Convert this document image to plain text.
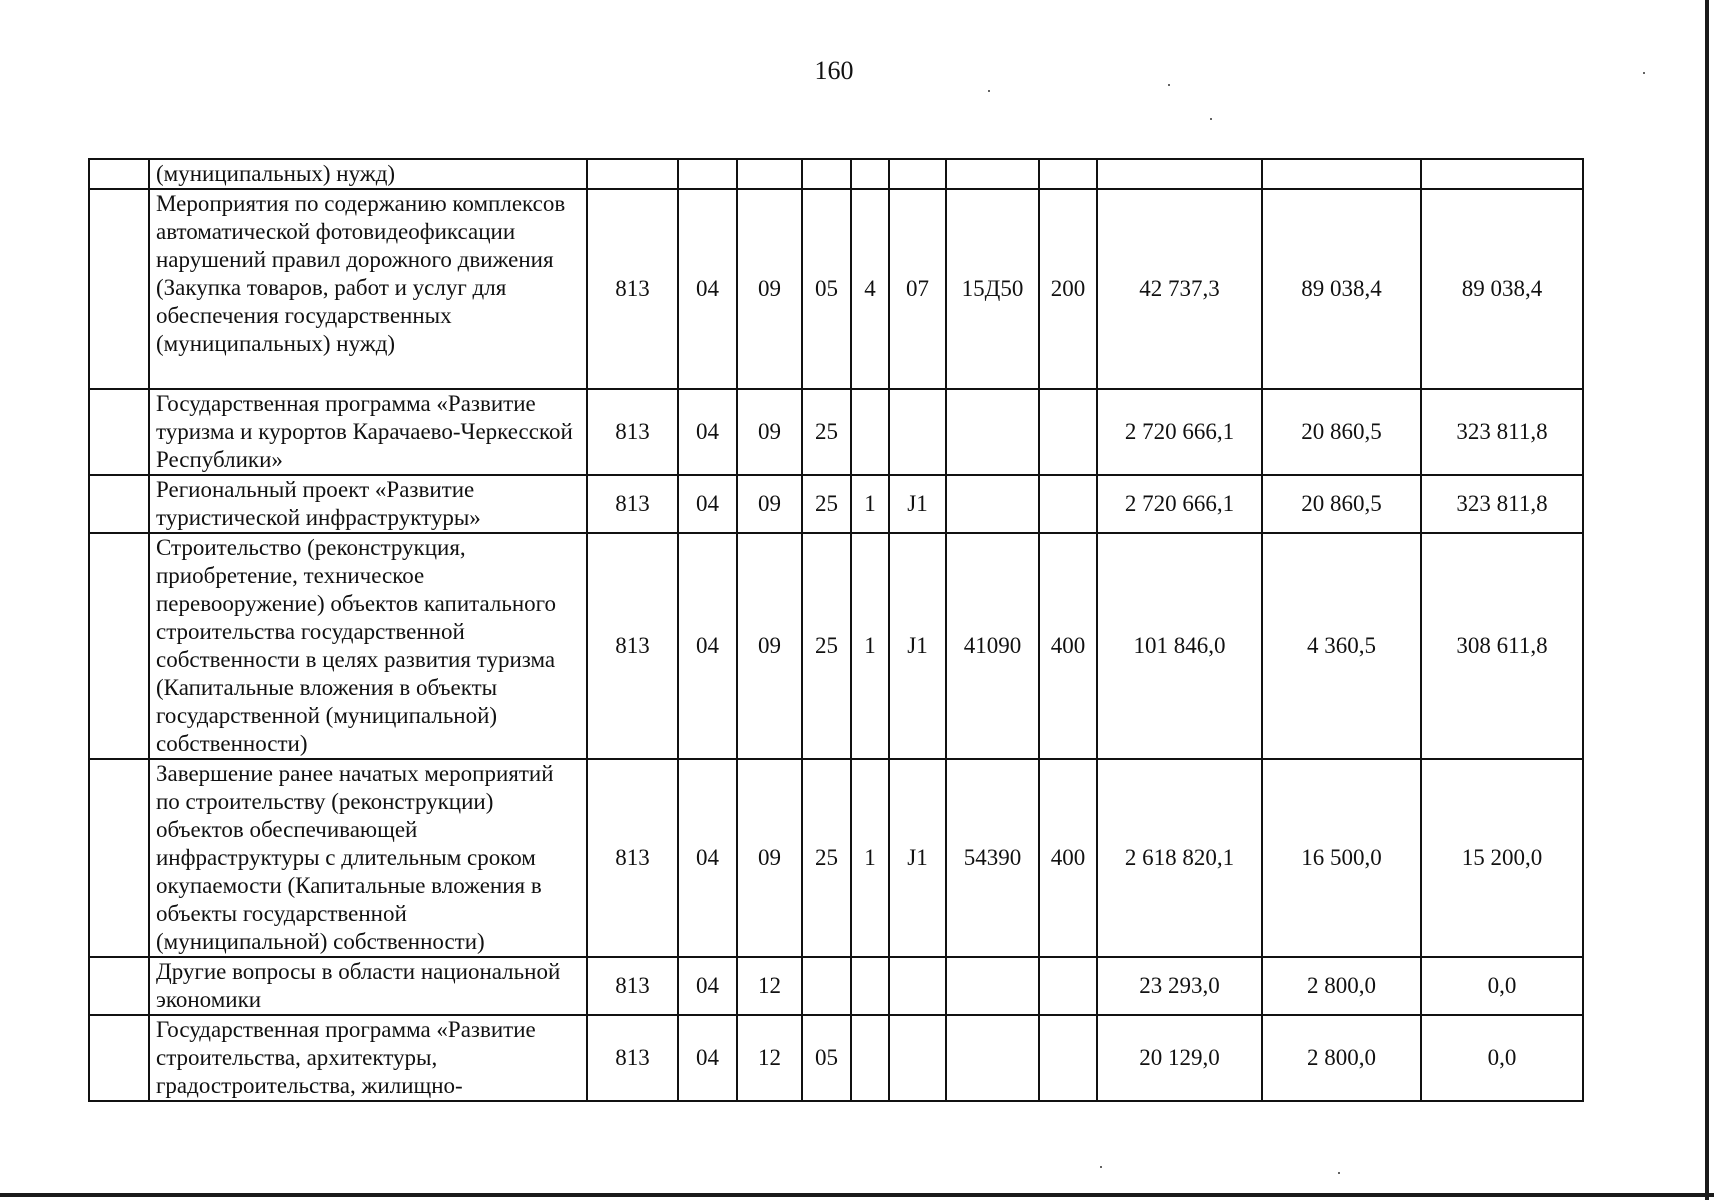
160
	(муниципальных) нужд)											
	Мероприятия по содержанию комплексов автоматической фотовидеофиксации нарушений правил дорожного движения (Закупка товаров, работ и услуг для обеспечения государственных (муниципальных) нужд)	813	04	09	05	4	07	15Д50	200	42 737,3	89 038,4	89 038,4
	Государственная программа «Развитие туризма и курортов Карачаево-Черкесской Республики»	813	04	09	25					2 720 666,1	20 860,5	323 811,8
	Региональный проект «Развитие туристической инфраструктуры»	813	04	09	25	1	J1			2 720 666,1	20 860,5	323 811,8
	Строительство (реконструкция, приобретение, техническое перевооружение) объектов капитального строительства государственной собственности в целях развития туризма (Капитальные вложения в объекты государственной (муниципальной) собственности)	813	04	09	25	1	J1	41090	400	101 846,0	4 360,5	308 611,8
	Завершение ранее начатых мероприятий по строительству (реконструкции) объектов обеспечивающей инфраструктуры с длительным сроком окупаемости (Капитальные вложения в объекты государственной (муниципальной) собственности)	813	04	09	25	1	J1	54390	400	2 618 820,1	16 500,0	15 200,0
	Другие вопросы в области национальной экономики	813	04	12						23 293,0	2 800,0	0,0
	Государственная программа «Развитие строительства, архитектуры, градостроительства, жилищно-	813	04	12	05					20 129,0	2 800,0	0,0
